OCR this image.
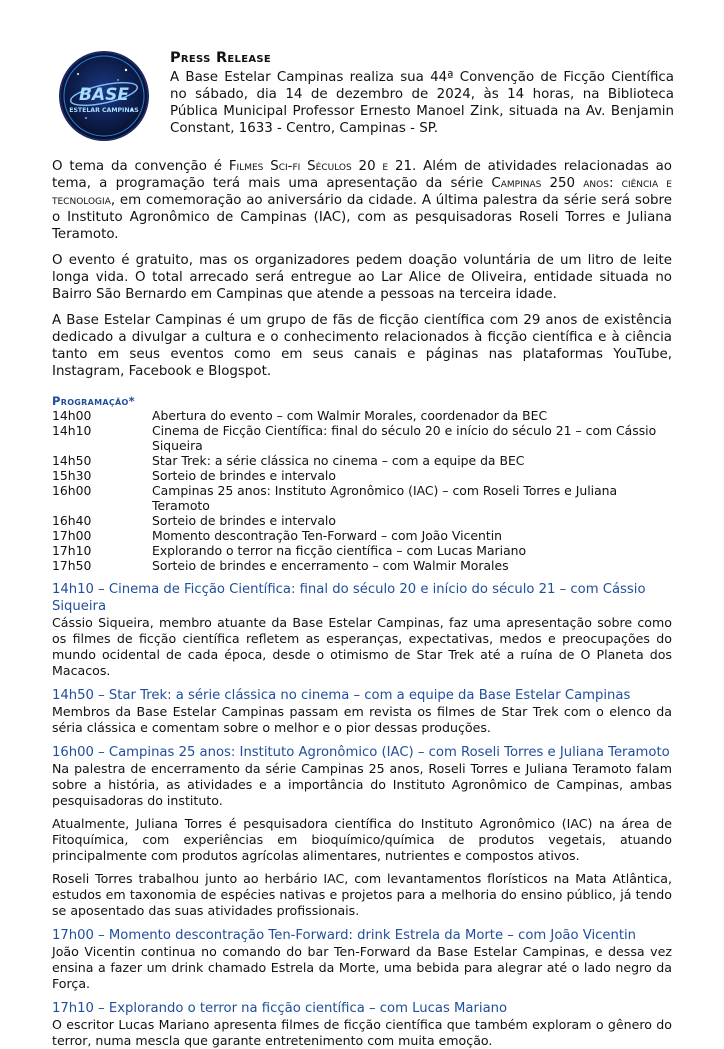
BASE
ESTELAR CAMPINAS
Press Release

A Base Estelar Campinas realiza sua 44ª Convenção de Ficção Científica no sábado, dia 14 de dezembro de 2024, às 14 horas, na Biblioteca Pública Municipal Professor Ernesto Manoel Zink, situada na Av. Benjamin Constant, 1633 - Centro, Campinas - SP.

O tema da convenção é Filmes Sci-fi Séculos 20 e 21. Além de atividades relacionadas ao tema, a programação terá mais uma apresentação da série Campinas 250 anos: ciência e tecnologia, em comemoração ao aniversário da cidade. A última palestra da série será sobre o Instituto Agronômico de Campinas (IAC), com as pesquisadoras Roseli Torres e Juliana Teramoto.

O evento é gratuito, mas os organizadores pedem doação voluntária de um litro de leite longa vida. O total arrecado será entregue ao Lar Alice de Oliveira, entidade situada no Bairro São Bernardo em Campinas que atende a pessoas na terceira idade.

A Base Estelar Campinas é um grupo de fãs de ficção científica com 29 anos de existência dedicado a divulgar a cultura e o conhecimento relacionados à ficção científica e à ciência tanto em seus eventos como em seus canais e páginas nas plataformas YouTube, Instagram, Facebook e Blogspot.

Programação*
14h00	Abertura do evento – com Walmir Morales, coordenador da BEC
14h10	Cinema de Ficção Científica: final do século 20 e início do século 21 – com Cássio Siqueira
14h50	Star Trek: a série clássica no cinema – com a equipe da BEC
15h30	Sorteio de brindes e intervalo
16h00	Campinas 25 anos: Instituto Agronômico (IAC) – com Roseli Torres e Juliana Teramoto
16h40	Sorteio de brindes e intervalo
17h00	Momento descontração Ten-Forward – com João Vicentin
17h10	Explorando o terror na ficção científica – com Lucas Mariano
17h50	Sorteio de brindes e encerramento – com Walmir Morales
14h10 – Cinema de Ficção Científica: final do século 20 e início do século 21 – com Cássio Siqueira

Cássio Siqueira, membro atuante da Base Estelar Campinas, faz uma apresentação sobre como os filmes de ficção científica refletem as esperanças, expectativas, medos e preocupações do mundo ocidental de cada época, desde o otimismo de Star Trek até a ruína de O Planeta dos Macacos.

14h50 – Star Trek: a série clássica no cinema – com a equipe da Base Estelar Campinas

Membros da Base Estelar Campinas passam em revista os filmes de Star Trek com o elenco da séria clássica e comentam sobre o melhor e o pior dessas produções.

16h00 – Campinas 25 anos: Instituto Agronômico (IAC) – com Roseli Torres e Juliana Teramoto

Na palestra de encerramento da série Campinas 25 anos, Roseli Torres e Juliana Teramoto falam sobre a história, as atividades e a importância do Instituto Agronômico de Campinas, ambas pesquisadoras do instituto.

Atualmente, Juliana Torres é pesquisadora científica do Instituto Agronômico (IAC) na área de Fitoquímica, com experiências em bioquímico/química de produtos vegetais, atuando principalmente com produtos agrícolas alimentares, nutrientes e compostos ativos.

Roseli Torres trabalhou junto ao herbário IAC, com levantamentos florísticos na Mata Atlântica, estudos em taxonomia de espécies nativas e projetos para a melhoria do ensino público, já tendo se aposentado das suas atividades profissionais.

17h00 – Momento descontração Ten-Forward: drink Estrela da Morte – com João Vicentin

João Vicentin continua no comando do bar Ten-Forward da Base Estelar Campinas, e dessa vez ensina a fazer um drink chamado Estrela da Morte, uma bebida para alegrar até o lado negro da Força.

17h10 – Explorando o terror na ficção científica – com Lucas Mariano

O escritor Lucas Mariano apresenta filmes de ficção científica que também exploram o gênero do terror, numa mescla que garante entretenimento com muita emoção.
